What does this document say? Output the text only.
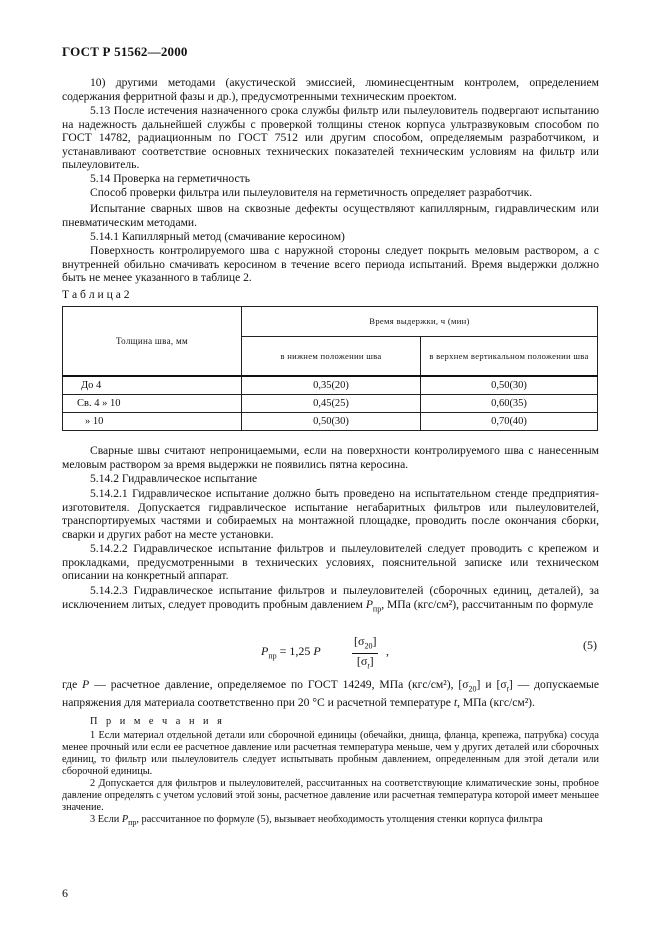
ГОСТ Р 51562—2000
10) другими методами (акустической эмиссией, люминесцентным контролем, определением содержания ферритной фазы и др.), предусмотренными техническим проектом.
5.13 После истечения назначенного срока службы фильтр или пылеуловитель подвергают испытанию на надежность дальнейшей службы с проверкой толщины стенок корпуса ультразвуковым способом по ГОСТ 14782, радиационным по ГОСТ 7512 или другим способом, определяемым разработчиком, и устанавливают соответствие основных технических показателей техническим условиям на фильтр или пылеуловитель.
5.14 Проверка на герметичность
Способ проверки фильтра или пылеуловителя на герметичность определяет разработчик.
Испытание сварных швов на сквозные дефекты осуществляют капиллярным, гидравлическим или пневматическим методами.
5.14.1 Капиллярный метод (смачивание керосином)
Поверхность контролируемого шва с наружной стороны следует покрыть меловым раствором, а с внутренней обильно смачивать керосином в течение всего периода испытаний. Время выдержки должно быть не менее указанного в таблице 2.
Т а б л и ц а 2
Толщина шва, мм	Время выдержки, ч (мин)	
	в нижнем положении шва	в верхнем вертикальном положении шва
До 4	0,35(20)	0,50(30)
Св. 4 » 10	0,45(25)	0,60(35)
» 10	0,50(30)	0,70(40)
Сварные швы считают непроницаемыми, если на поверхности контролируемого шва с нанесенным меловым раствором за время выдержки не появились пятна керосина.
5.14.2 Гидравлическое испытание
5.14.2.1 Гидравлическое испытание должно быть проведено на испытательном стенде предприятия-изготовителя. Допускается гидравлическое испытание негабаритных фильтров или пылеуловителей, транспортируемых частями и собираемых на монтажной площадке, проводить после окончания сборки, сварки и других работ на месте установки.
5.14.2.2 Гидравлическое испытание фильтров и пылеуловителей следует проводить с крепежом и прокладками, предусмотренными в технических условиях, пояснительной записке или техническом описании на конкретный аппарат.
5.14.2.3 Гидравлическое испытание фильтров и пылеуловителей (сборочных единиц, деталей), за исключением литых, следует проводить пробным давлением $P_{пр}$, МПа (кгс/см²), рассчитанным по формуле
$P_{пр} = 1,25$ P	$\frac{[\sigma_{20}]}{[\sigma_t]}$ ,	(5)
где P — расчетное давление, определяемое по ГОСТ 14249, МПа (кгс/см²), $[\sigma_{20}]$ и $[\sigma_t]$ — допускаемые напряжения для материала соответственно при 20 °С и расчетной температуре t, МПа (кгс/см²).
П р и м е ч а н и я
1 Если материал отдельной детали или сборочной единицы (обечайки, днища, фланца, крепежа, патрубка) сосуда менее прочный или если ее расчетное давление или расчетная температура меньше, чем у других деталей или сборочных единиц, то фильтр или пылеуловитель следует испытывать пробным давлением, определенным для этой детали или сборочной единицы.
2 Допускается для фильтров и пылеуловителей, рассчитанных на соответствующие климатические зоны, пробное давление определять с учетом условий этой зоны, расчетное давление или расчетная температура которой имеет меньшее значение.
3 Если $P_{пр}$, рассчитанное по формуле (5), вызывает необходимость утолщения стенки корпуса фильтра
6
